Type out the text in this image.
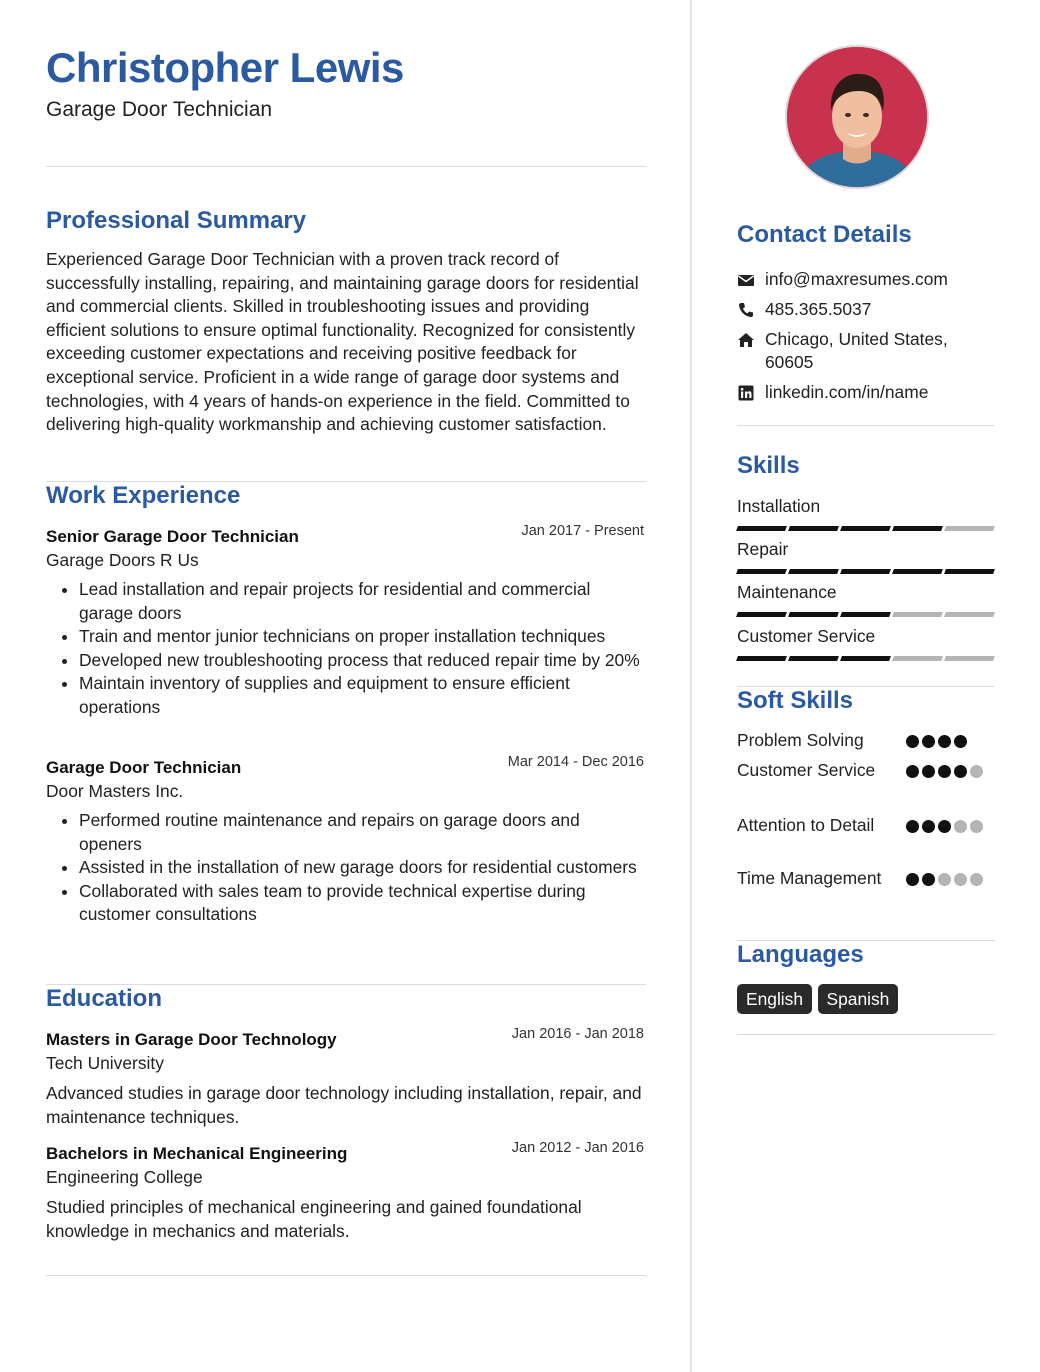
Christopher Lewis
Garage Door Technician
Professional Summary

Experienced Garage Door Technician with a proven track record of successfully installing, repairing, and maintaining garage doors for residential and commercial clients. Skilled in troubleshooting issues and providing efficient solutions to ensure optimal functionality. Recognized for consistently exceeding customer expectations and receiving positive feedback for exceptional service. Proficient in a wide range of garage door systems and technologies, with 4 years of hands-on experience in the field. Committed to delivering high-quality workmanship and achieving customer satisfaction.

Work Experience
Senior Garage Door Technician	Jan 2017 - Present
Garage Doors R Us
• Lead installation and repair projects for residential and commercial garage doors
• Train and mentor junior technicians on proper installation techniques
• Developed new troubleshooting process that reduced repair time by 20%
• Maintain inventory of supplies and equipment to ensure efficient operations
Garage Door Technician	Mar 2014 - Dec 2016
Door Masters Inc.
• Performed routine maintenance and repairs on garage doors and openers
• Assisted in the installation of new garage doors for residential customers
• Collaborated with sales team to provide technical expertise during customer consultations
Education
Masters in Garage Door Technology	Jan 2016 - Jan 2018
Tech University
Advanced studies in garage door technology including installation, repair, and maintenance techniques.
Bachelors in Mechanical Engineering	Jan 2012 - Jan 2016
Engineering College
Studied principles of mechanical engineering and gained foundational knowledge in mechanics and materials.
Contact Details
info@maxresumes.com
485.365.5037
Chicago, United States, 60605
linkedin.com/in/name
Skills
Installation
Repair
Maintenance
Customer Service
Soft Skills
Problem Solving
Customer Service
Attention to Detail
Time Management
Languages
English Spanish
